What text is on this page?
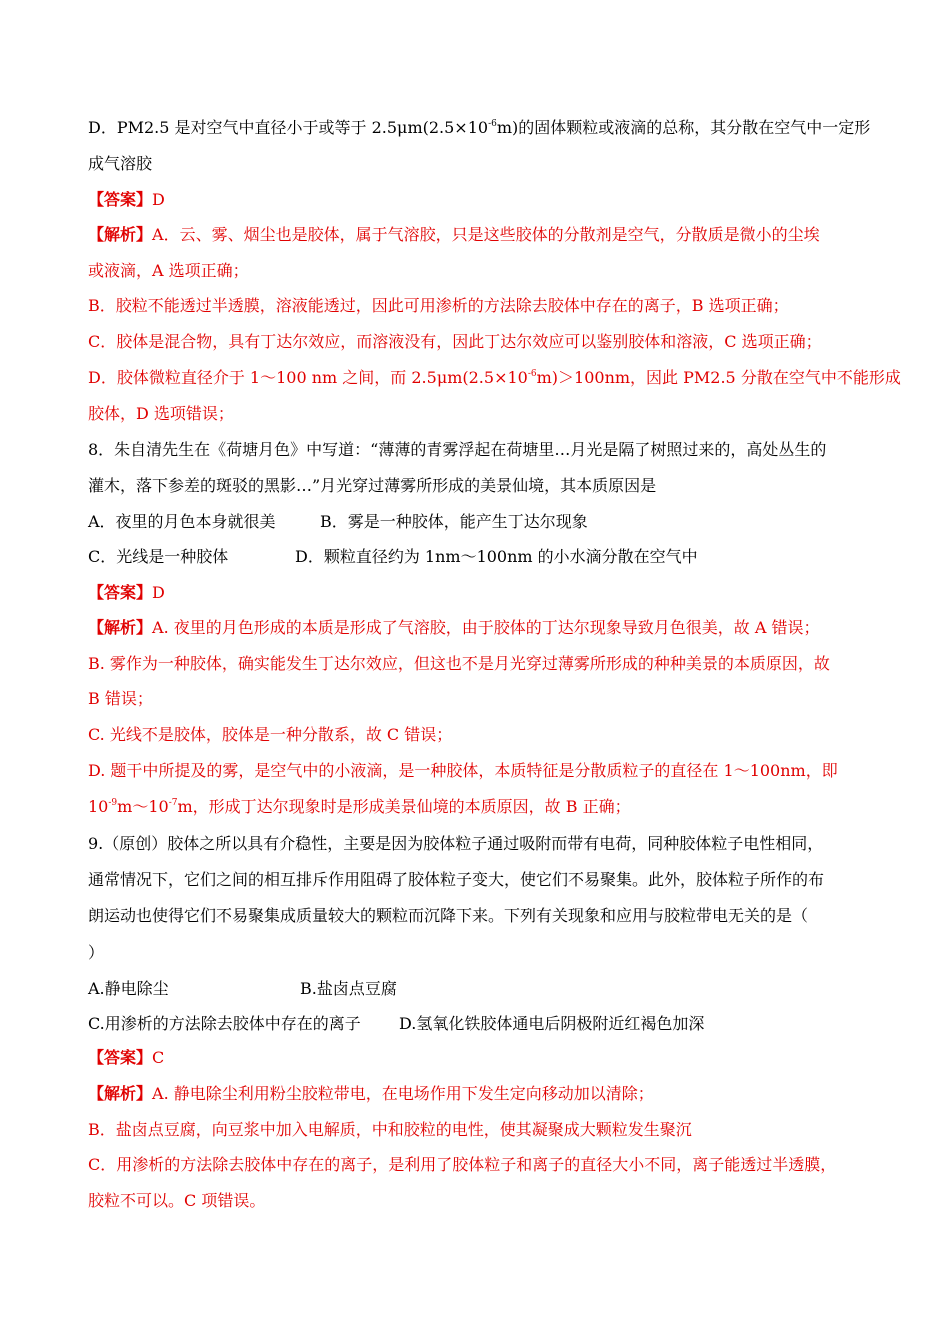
D．PM2.5 是对空气中直径小于或等于 $2.5\mu m(2.5\times 10^{-6}m)$的固体颗粒或液滴的总称，其分散在空气中一定形
成气溶胶
【答案】D
【解析】A．云、雾、烟尘也是胶体，属于气溶胶，只是这些胶体的分散剂是空气，分散质是微小的尘埃
或液滴，A 选项正确；
B．胶粒不能透过半透膜，溶液能透过，因此可用渗析的方法除去胶体中存在的离子，B 选项正确；
C．胶体是混合物，具有丁达尔效应，而溶液没有，因此丁达尔效应可以鉴别胶体和溶液，C 选项正确；
D．胶体微粒直径介于 1～100 nm 之间，而 $2.5\mu m(2.5\times 10^{-6}m)>100nm$，因此 PM2.5 分散在空气中不能形成
胶体，D 选项错误；
8．朱自清先生在《荷塘月色》中写道：“薄薄的青雾浮起在荷塘里…月光是隔了树照过来的，高处丛生的
灌木，落下参差的斑驳的黑影…”月光穿过薄雾所形成的美景仙境，其本质原因是
A．夜里的月色本身就很美	B．雾是一种胶体，能产生丁达尔现象
C．光线是一种胶体	D．颗粒直径约为 1nm～100nm 的小水滴分散在空气中
【答案】D
【解析】A. 夜里的月色形成的本质是形成了气溶胶，由于胶体的丁达尔现象导致月色很美，故 A 错误；
B. 雾作为一种胶体，确实能发生丁达尔效应，但这也不是月光穿过薄雾所形成的种种美景的本质原因，故
B 错误；
C. 光线不是胶体，胶体是一种分散系，故 C 错误；
D. 题干中所提及的雾，是空气中的小液滴，是一种胶体，本质特征是分散质粒子的直径在 1～100nm，即
$10^{-9}m\sim 10^{-7}m$，形成丁达尔现象时是形成美景仙境的本质原因，故 B 正确；
9.（原创）胶体之所以具有介稳性，主要是因为胶体粒子通过吸附而带有电荷，同种胶体粒子电性相同，
通常情况下，它们之间的相互排斥作用阻碍了胶体粒子变大，使它们不易聚集。此外，胶体粒子所作的布
朗运动也使得它们不易聚集成质量较大的颗粒而沉降下来。下列有关现象和应用与胶粒带电无关的是（
）
A.静电除尘	B.盐卤点豆腐
C.用渗析的方法除去胶体中存在的离子 D.氢氧化铁胶体通电后阴极附近红褐色加深
【答案】C
【解析】A. 静电除尘利用粉尘胶粒带电，在电场作用下发生定向移动加以清除；
B．盐卤点豆腐，向豆浆中加入电解质，中和胶粒的电性，使其凝聚成大颗粒发生聚沉
C．用渗析的方法除去胶体中存在的离子，是利用了胶体粒子和离子的直径大小不同，离子能透过半透膜，
胶粒不可以。C 项错误。
